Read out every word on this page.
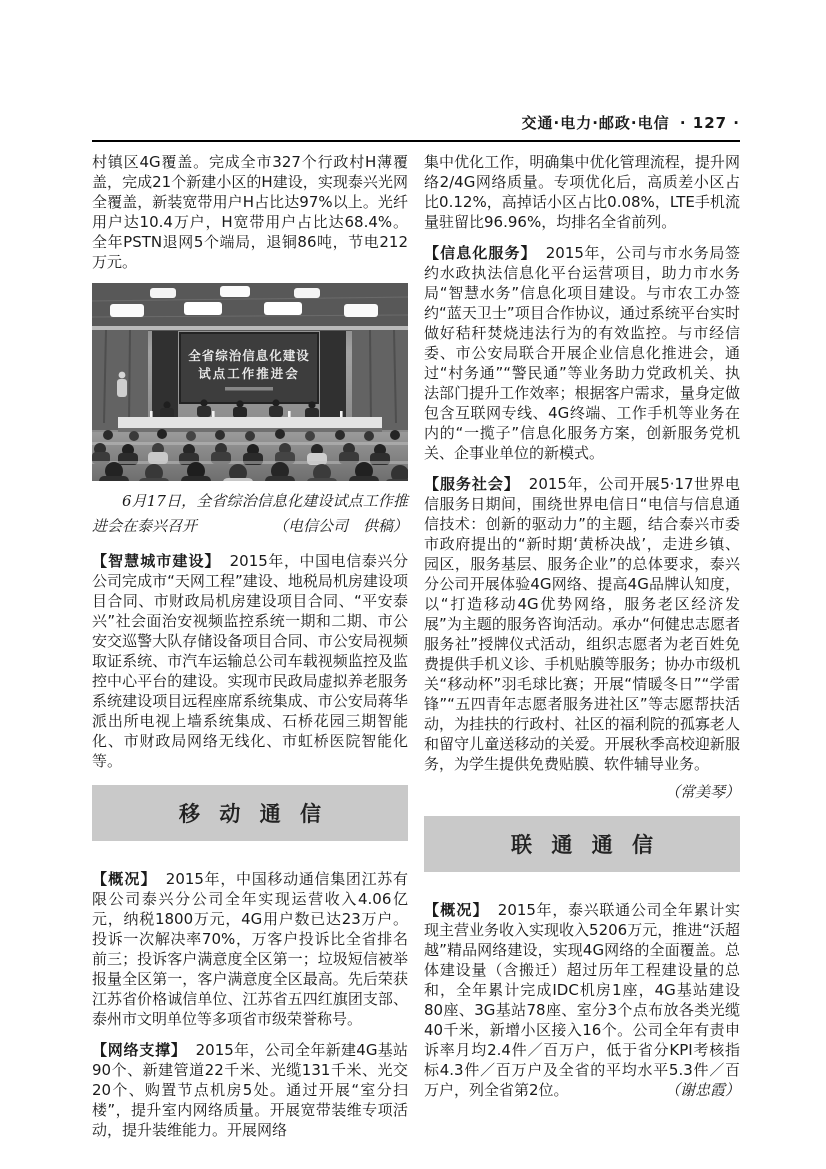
交通·电力·邮政·电信 · 127 ·

村镇区4G覆盖。完成全市327个行政村H薄覆盖，完成21个新建小区的H建设，实现泰兴光网全覆盖，新装宽带用户H占比达97%以上。光纤用户达10.4万户，H宽带用户占比达68.4%。全年PSTN退网5个端局，退铜86吨，节电212万元。

全省综治信息化建设
试点工作推进会
6月17日，全省综治信息化建设试点工作推进会在泰兴召开	（电信公司　供稿）

【智慧城市建设】 2015年，中国电信泰兴分公司完成市“天网工程”建设、地税局机房建设项目合同、市财政局机房建设项目合同、“平安泰兴”社会面治安视频监控系统一期和二期、市公安交巡警大队存储设备项目合同、市公安局视频取证系统、市汽车运输总公司车载视频监控及监控中心平台的建设。实现市民政局虚拟养老服务系统建设项目远程座席系统集成、市公安局蒋华派出所电视上墙系统集成、石桥花园三期智能化、市财政局网络无线化、市虹桥医院智能化等。

移 动 通 信

【概况】 2015年，中国移动通信集团江苏有限公司泰兴分公司全年实现运营收入4.06亿元，纳税1800万元，4G用户数已达23万户。投诉一次解决率70%，万客户投诉比全省排名前三；投诉客户满意度全区第一；垃圾短信被举报量全区第一，客户满意度全区最高。先后荣获江苏省价格诚信单位、江苏省五四红旗团支部、泰州市文明单位等多项省市级荣誉称号。

【网络支撑】 2015年，公司全年新建4G基站90个、新建管道22千米、光缆131千米、光交20个、购置节点机房5处。通过开展“室分扫楼”，提升室内网络质量。开展宽带装维专项活动，提升装维能力。开展网络

集中优化工作，明确集中优化管理流程，提升网络2/4G网络质量。专项优化后，高质差小区占比0.12%，高掉话小区占比0.08%，LTE手机流量驻留比96.96%，均排名全省前列。

【信息化服务】 2015年，公司与市水务局签约水政执法信息化平台运营项目，助力市水务局“智慧水务”信息化项目建设。与市农工办签约“蓝天卫士”项目合作协议，通过系统平台实时做好秸秆焚烧违法行为的有效监控。与市经信委、市公安局联合开展企业信息化推进会，通过“村务通”“警民通”等业务助力党政机关、执法部门提升工作效率；根据客户需求，量身定做包含互联网专线、4G终端、工作手机等业务在内的“一揽子”信息化服务方案，创新服务党机关、企事业单位的新模式。

【服务社会】 2015年，公司开展5·17世界电信服务日期间，围绕世界电信日“电信与信息通信技术：创新的驱动力”的主题，结合泰兴市委市政府提出的“新时期‘黄桥决战’，走进乡镇、园区，服务基层、服务企业”的总体要求，泰兴分公司开展体验4G网络、提高4G品牌认知度，以“打造移动4G优势网络，服务老区经济发展”为主题的服务咨询活动。承办“何健忠志愿者服务社”授牌仪式活动，组织志愿者为老百姓免费提供手机义诊、手机贴膜等服务；协办市级机关“移动杯”羽毛球比赛；开展“情暖冬日”“学雷锋”“五四青年志愿者服务进社区”等志愿帮扶活动，为挂扶的行政村、社区的福利院的孤寡老人和留守儿童送移动的关爱。开展秋季高校迎新服务，为学生提供免费贴膜、软件辅导业务。

（常美琴）
联 通 通 信

【概况】 2015年，泰兴联通公司全年累计实现主营业务收入实现收入5206万元，推进“沃超越”精品网络建设，实现4G网络的全面覆盖。总体建设量（含搬迁）超过历年工程建设量的总和，全年累计完成IDC机房1座，4G基站建设80座、3G基站78座、室分3个点布放各类光缆40千米，新增小区接入16个。公司全年有责申诉率月均2.4件／百万户，低于省分KPI考核指标4.3件／百万户及全省的平均水平5.3件／百万户，列全省第2位。	（谢忠霞）
